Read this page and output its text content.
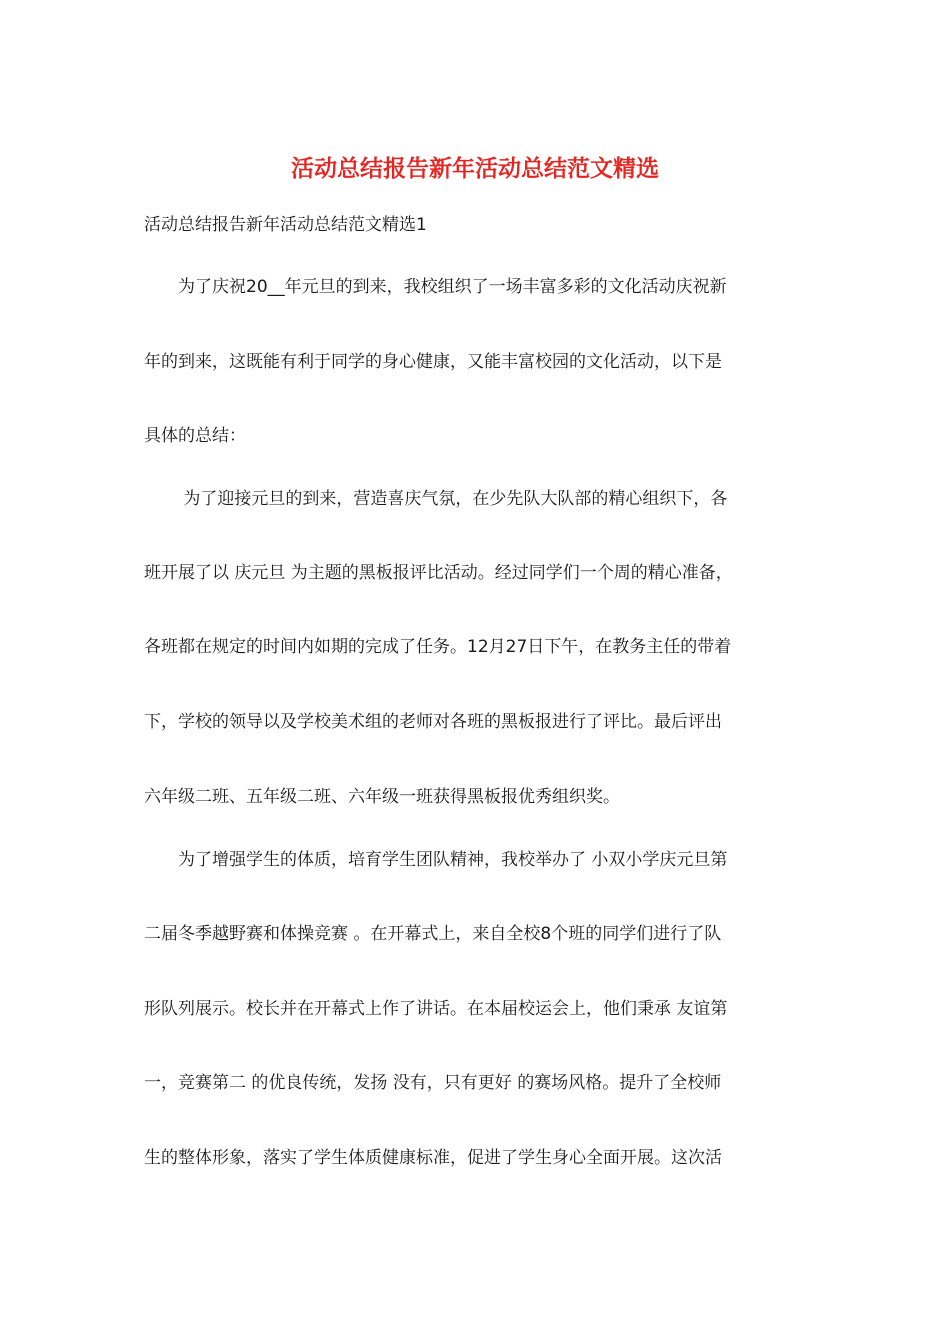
活动总结报告新年活动总结范文精选
活动总结报告新年活动总结范文精选1
　　为了庆祝20__年元旦的到来，我校组织了一场丰富多彩的文化活动庆祝新
年的到来，这既能有利于同学的身心健康，又能丰富校园的文化活动，以下是
具体的总结：
　　 为了迎接元旦的到来，营造喜庆气氛，在少先队大队部的精心组织下，各
班开展了以 庆元旦 为主题的黑板报评比活动。经过同学们一个周的精心准备，
各班都在规定的时间内如期的完成了任务。12月27日下午，在教务主任的带着
下，学校的领导以及学校美术组的老师对各班的黑板报进行了评比。最后评出
六年级二班、五年级二班、六年级一班获得黑板报优秀组织奖。
　　为了增强学生的体质，培育学生团队精神，我校举办了 小双小学庆元旦第
二届冬季越野赛和体操竞赛 。在开幕式上，来自全校8个班的同学们进行了队
形队列展示。校长并在开幕式上作了讲话。在本届校运会上，他们秉承 友谊第
一，竞赛第二 的优良传统，发扬 没有，只有更好 的赛场风格。提升了全校师
生的整体形象，落实了学生体质健康标准，促进了学生身心全面开展。这次活
